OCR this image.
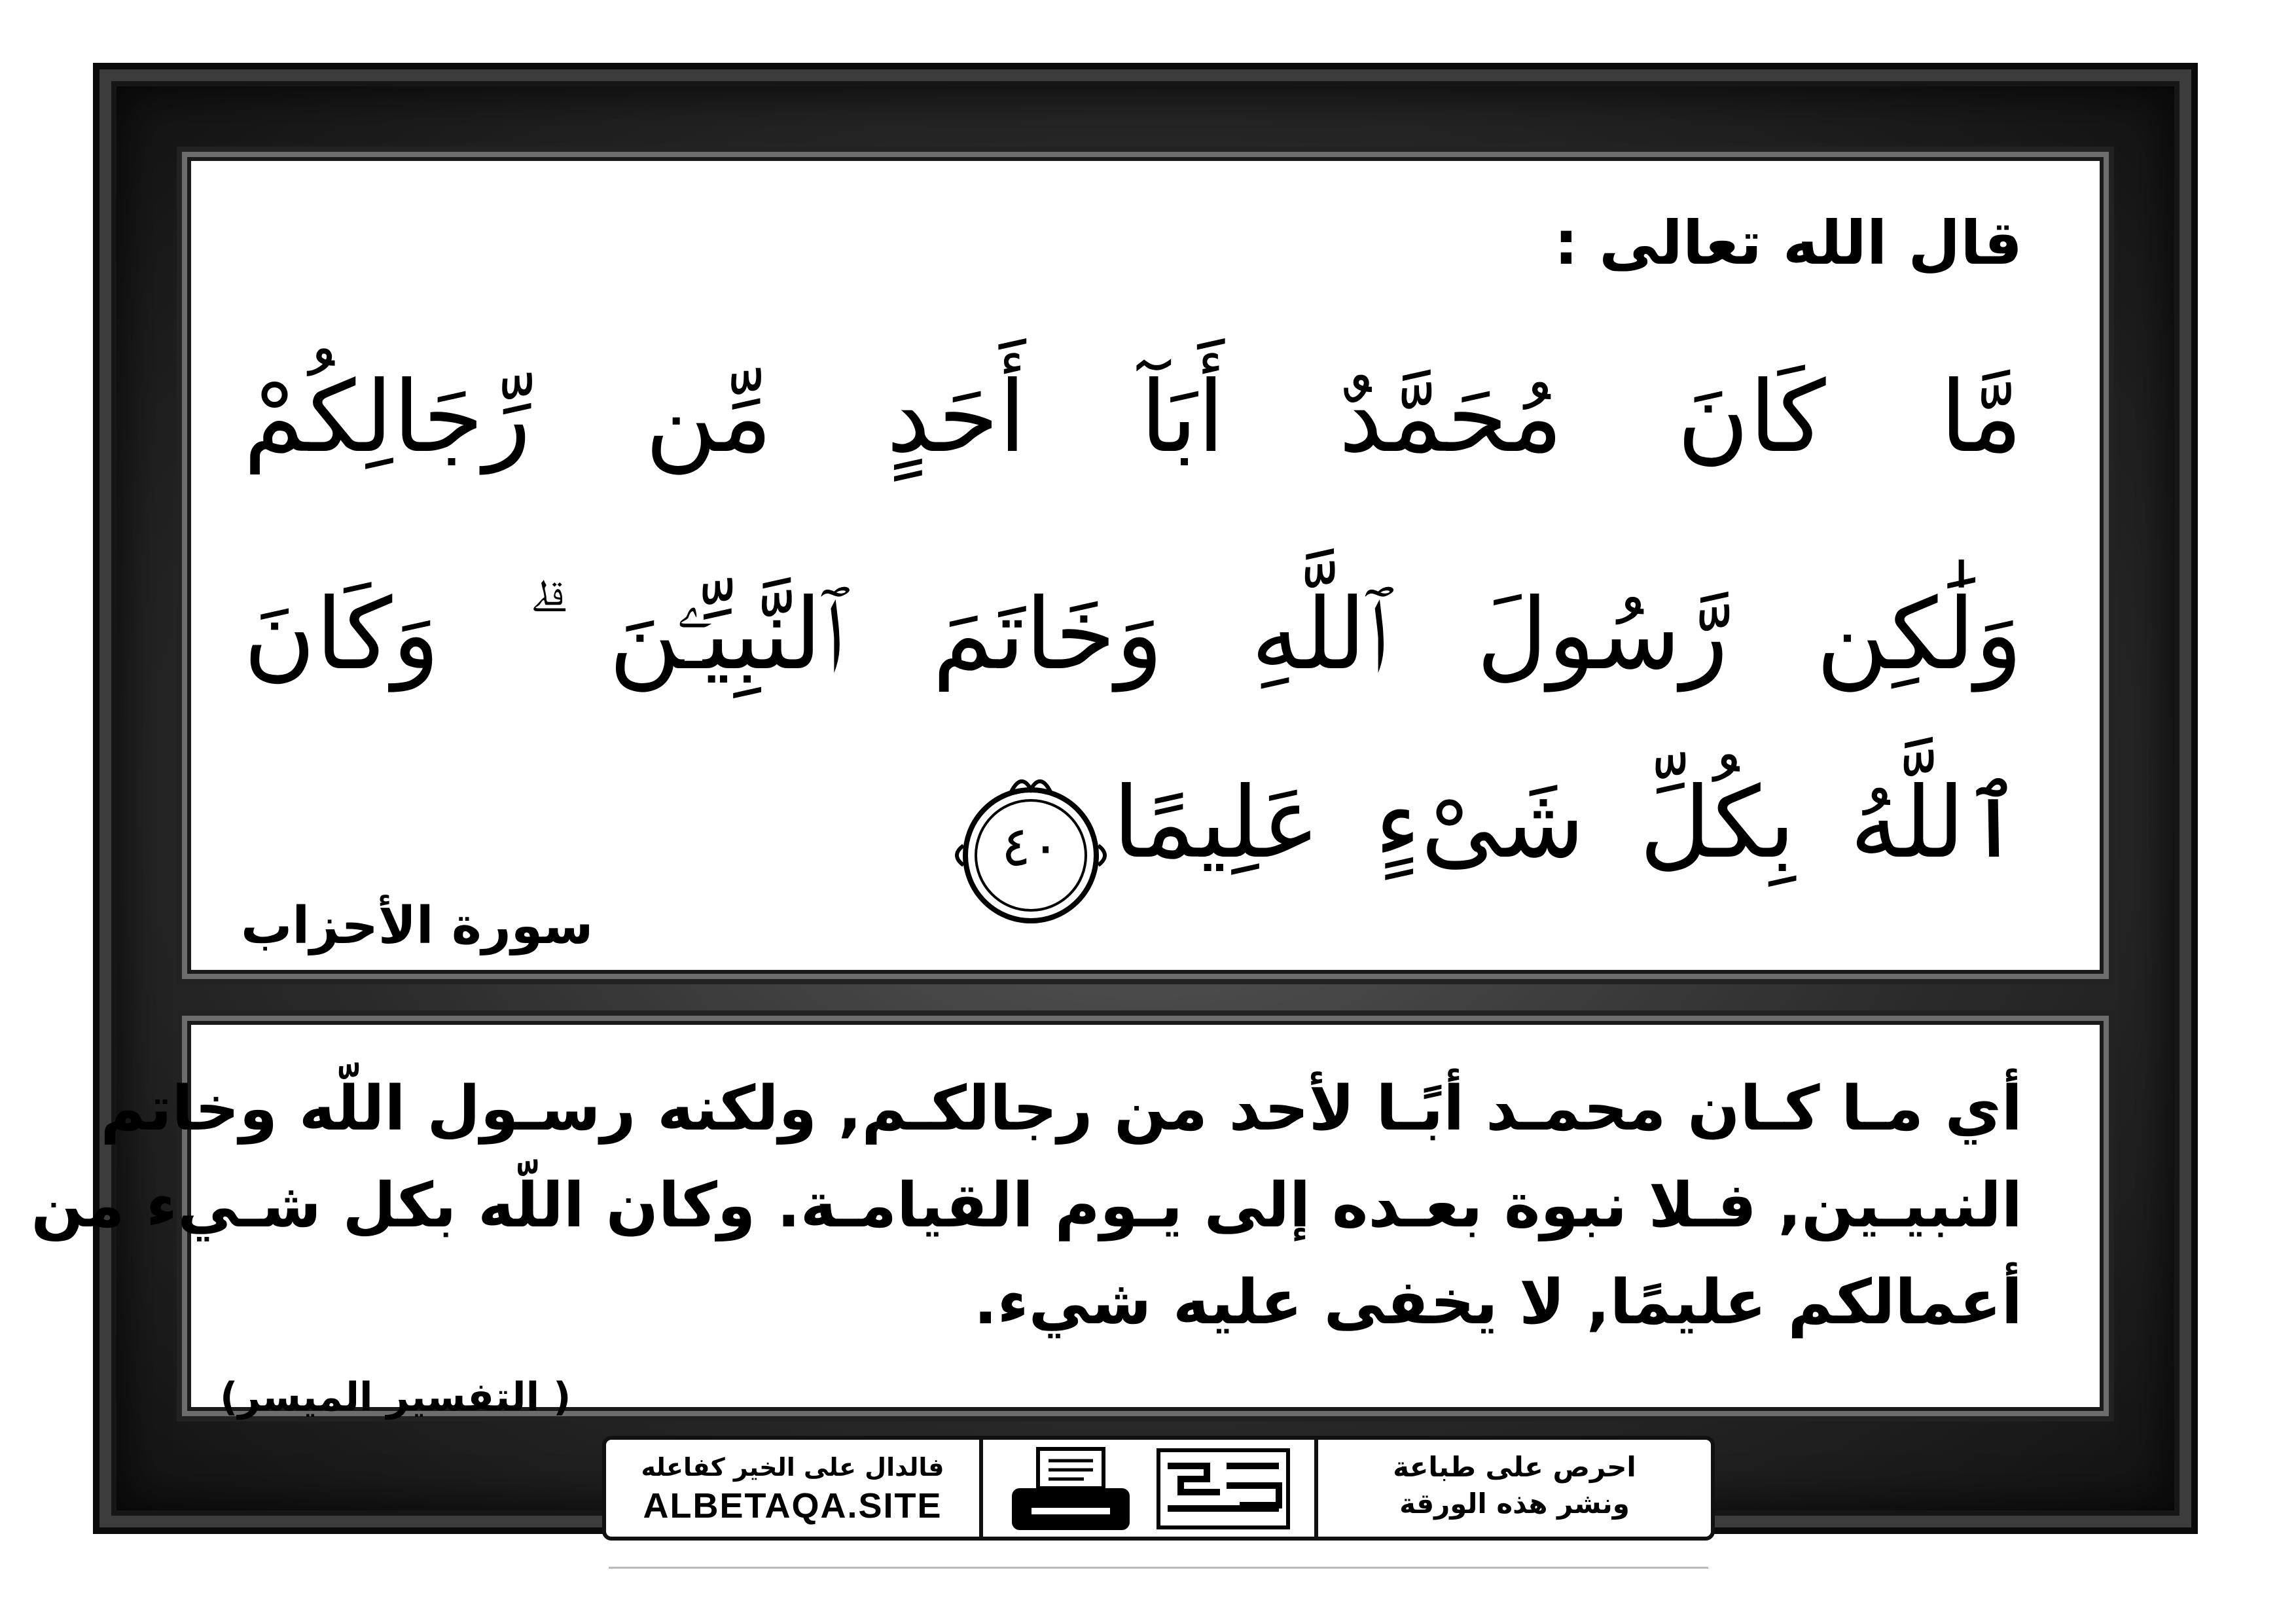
قال الله تعالى :
مَّا كَانَ مُحَمَّدٌ أَبَآ أَحَدٍ مِّن رِّجَالِكُمْ
وَلَٰكِن رَّسُولَ ٱللَّهِ وَخَاتَمَ ٱلنَّبِيِّـۧنَ ۗ وَكَانَ
ٱللَّهُ بِكُلِّ شَىْءٍ عَلِيمًا
٤٠
سورة الأحزاب
أي مـا كـان محمـد أبًـا لأحد من رجالكـم, ولكنه رسـول اللّه وخاتم
النبيـين, فـلا نبوة بعـده إلى يـوم القيامـة. وكان اللّه بكل شـيء من
أعمالكم عليمًا, لا يخفى عليه شيء.
( التفسير الميسر)
احرص على طباعة
ونشر هذه الورقة
فالدال على الخير كفاعله
ALBETAQA.SITE
